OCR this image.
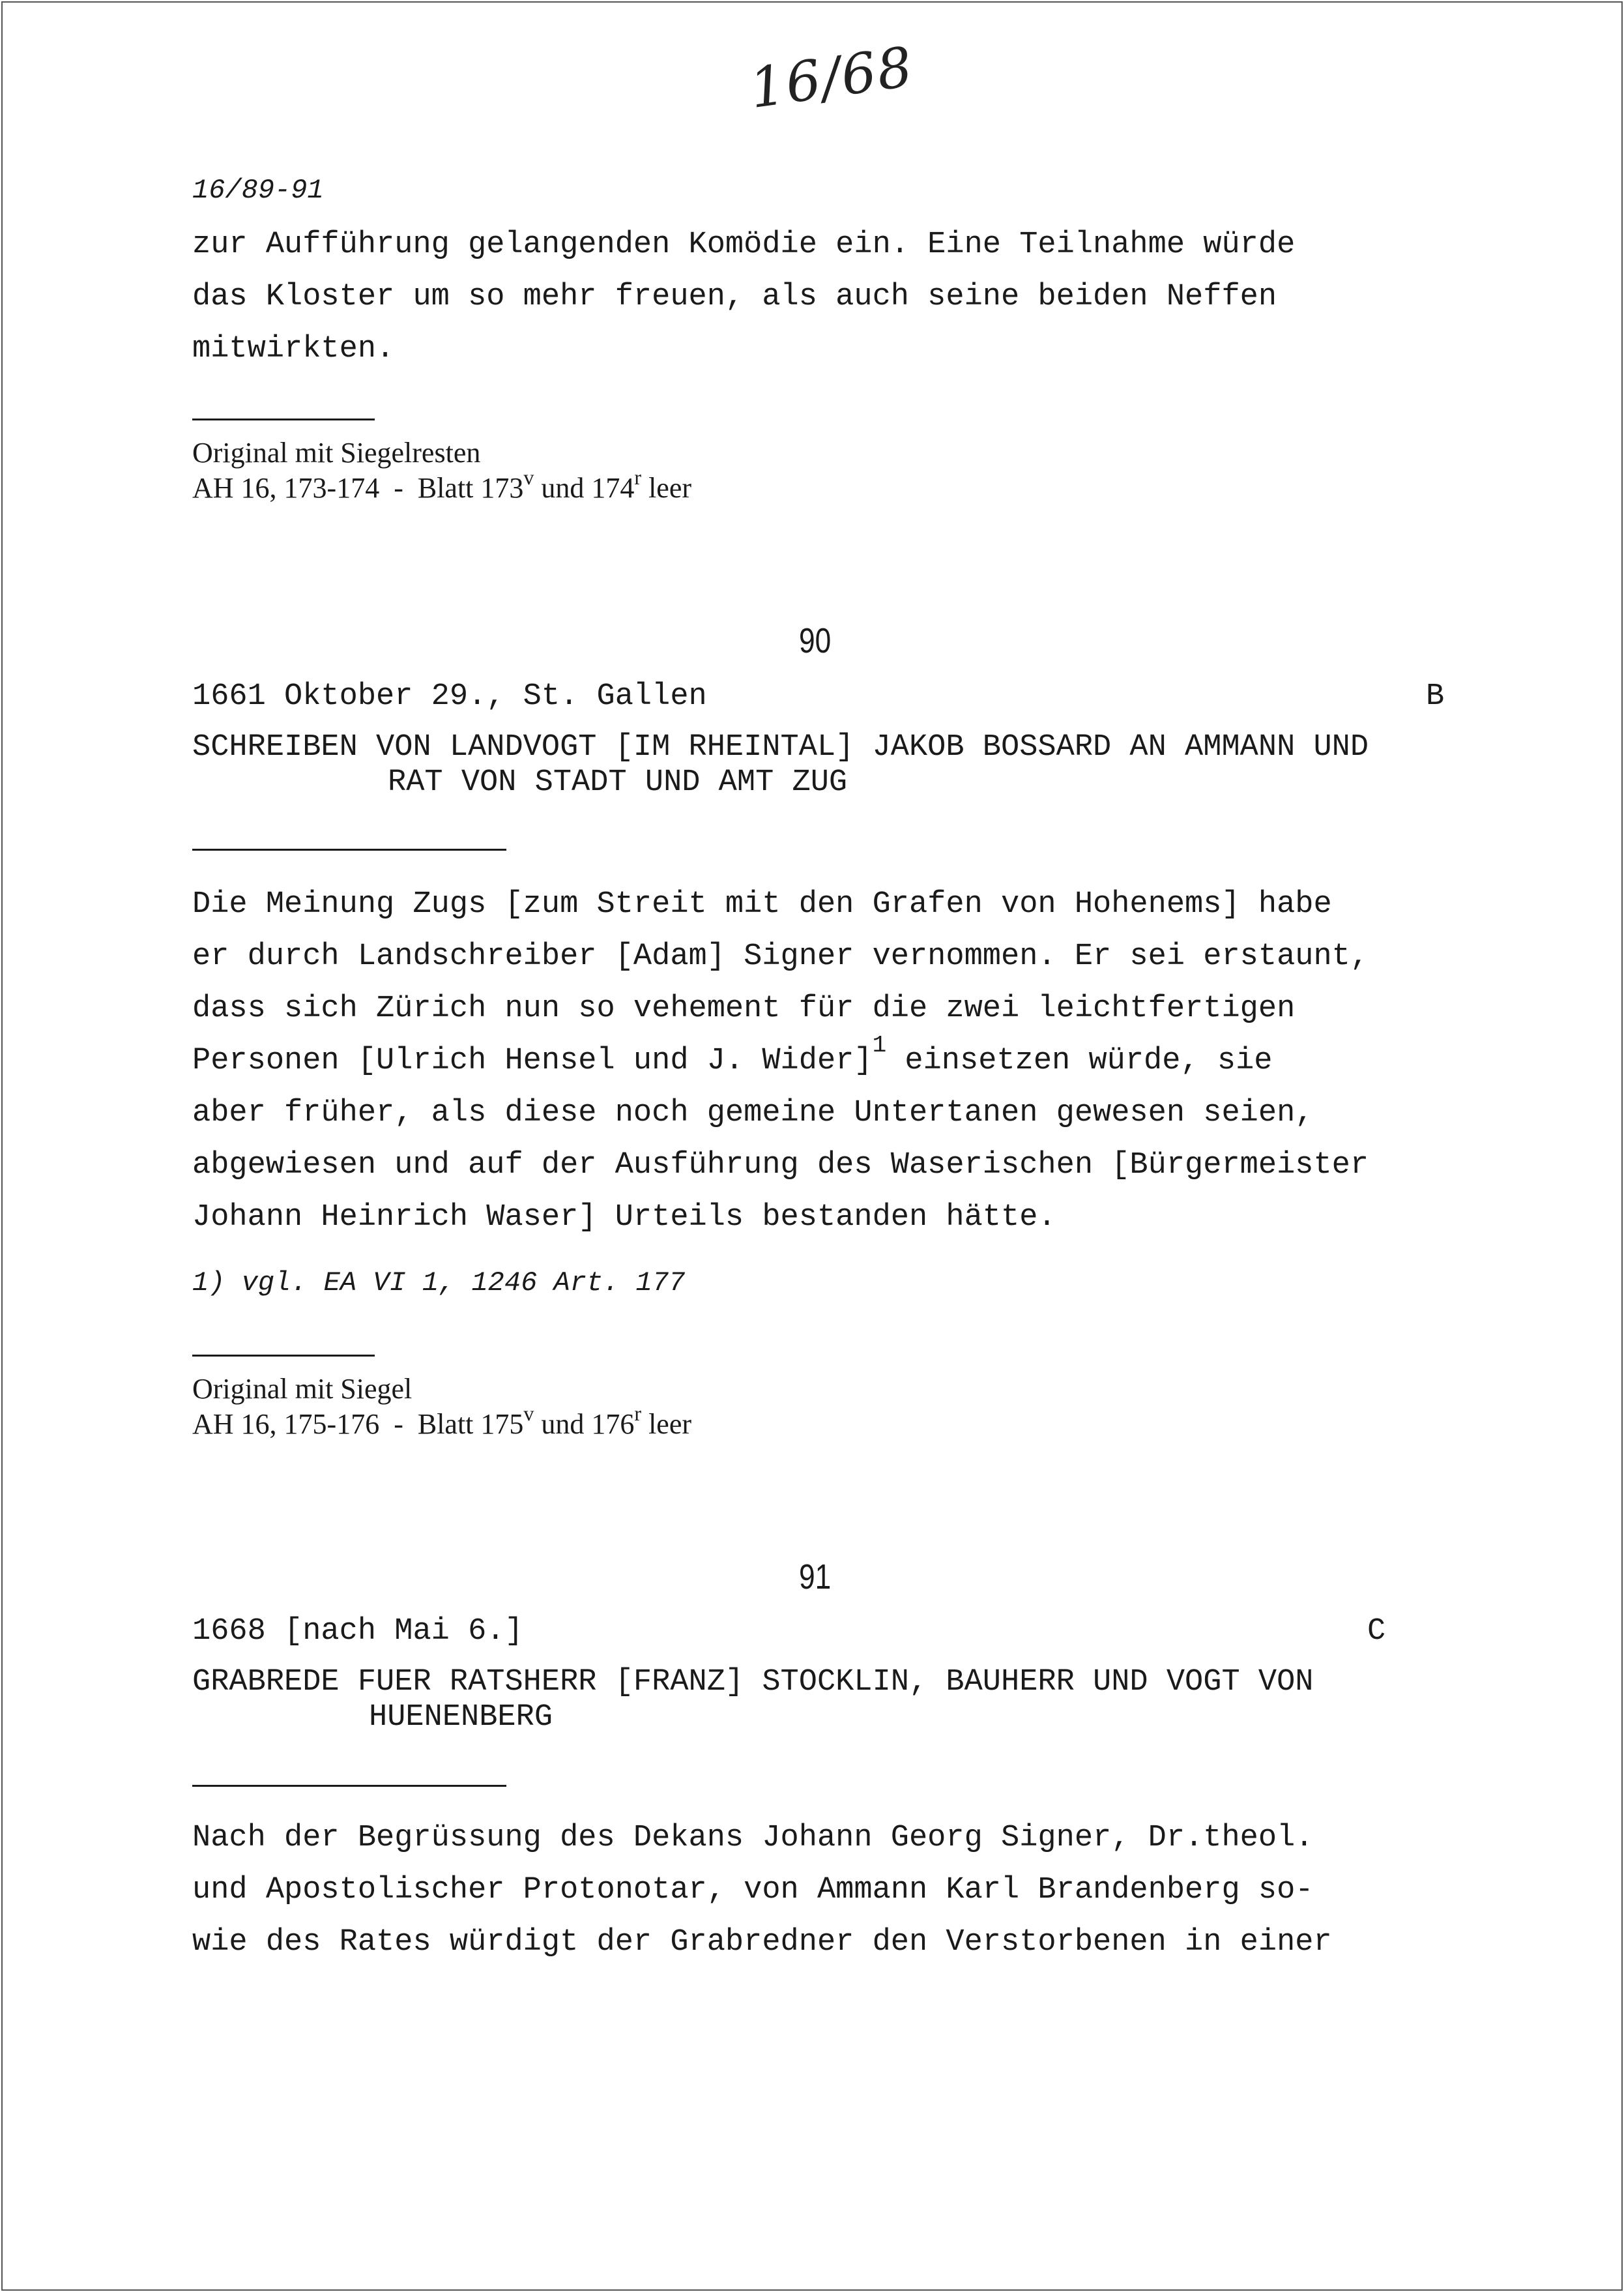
16/68
16/89-91
zur Aufführung gelangenden Komödie ein. Eine Teilnahme würde
das Kloster um so mehr freuen, als auch seine beiden Neffen
mitwirkten.
Original mit Siegelresten
AH 16, 173-174  -  Blatt 173$^v$ und 174$^r$ leer
90
1661 Oktober 29., St. Gallen	B
SCHREIBEN VON LANDVOGT [IM RHEINTAL] JAKOB BOSSARD AN AMMANN UND
RAT VON STADT UND AMT ZUG
Die Meinung Zugs [zum Streit mit den Grafen von Hohenems] habe
er durch Landschreiber [Adam] Signer vernommen. Er sei erstaunt,
dass sich Zürich nun so vehement für die zwei leichtfertigen
Personen [Ulrich Hensel und J. Wider]$^1$ einsetzen würde, sie
aber früher, als diese noch gemeine Untertanen gewesen seien,
abgewiesen und auf der Ausführung des Waserischen [Bürgermeister
Johann Heinrich Waser] Urteils bestanden hätte.
1) vgl. EA VI 1, 1246 Art. 177
Original mit Siegel
AH 16, 175-176  -  Blatt 175$^v$ und 176$^r$ leer
91
1668 [nach Mai 6.]	C
GRABREDE FUER RATSHERR [FRANZ] STOCKLIN, BAUHERR UND VOGT VON
HUENENBERG
Nach der Begrüssung des Dekans Johann Georg Signer, Dr.theol.
und Apostolischer Protonotar, von Ammann Karl Brandenberg so-
wie des Rates würdigt der Grabredner den Verstorbenen in einer
